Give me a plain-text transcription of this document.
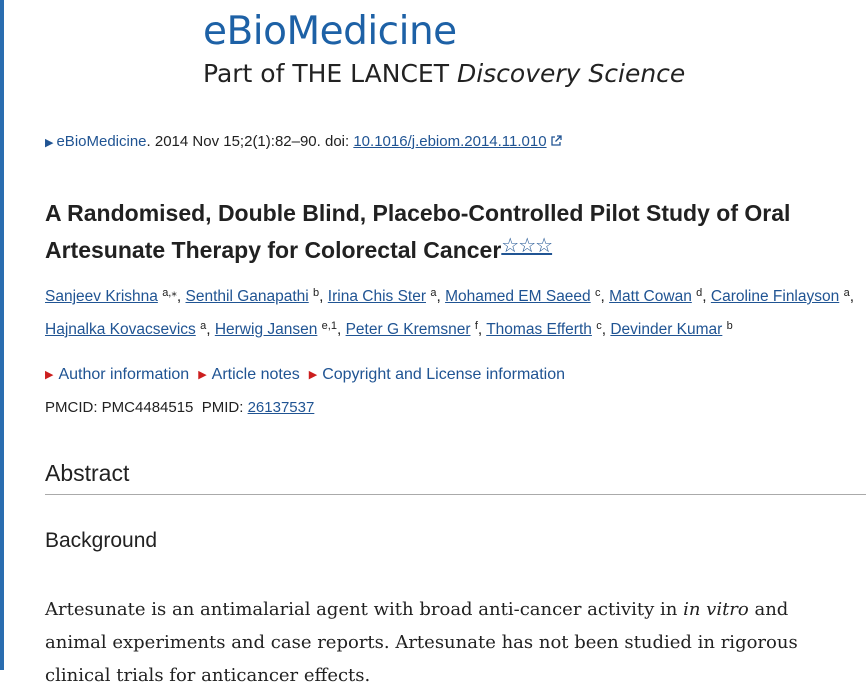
eBioMedicine
Part of THE LANCET Discovery Science
▶ eBioMedicine. 2014 Nov 15;2(1):82–90. doi: 10.1016/j.ebiom.2014.11.010
A Randomised, Double Blind, Placebo-Controlled Pilot Study of Oral Artesunate Therapy for Colorectal Cancer☆☆☆
Sanjeev Krishna $^{a,⁎}$, Senthil Ganapathi $^b$, Irina Chis Ster $^a$, Mohamed EM Saeed $^c$, Matt Cowan $^d$, Caroline Finlayson $^a$, Hajnalka Kovacsevics $^a$, Herwig Jansen $^{e,1}$, Peter G Kremsner $^f$, Thomas Efferth $^c$, Devinder Kumar $^b$
▶ Author information ▶ Article notes ▶ Copyright and License information
PMCID: PMC4484515 PMID: 26137537
Abstract
Background

Artesunate is an antimalarial agent with broad anti-cancer activity in in vitro and animal experiments and case reports. Artesunate has not been studied in rigorous clinical trials for anticancer effects.
